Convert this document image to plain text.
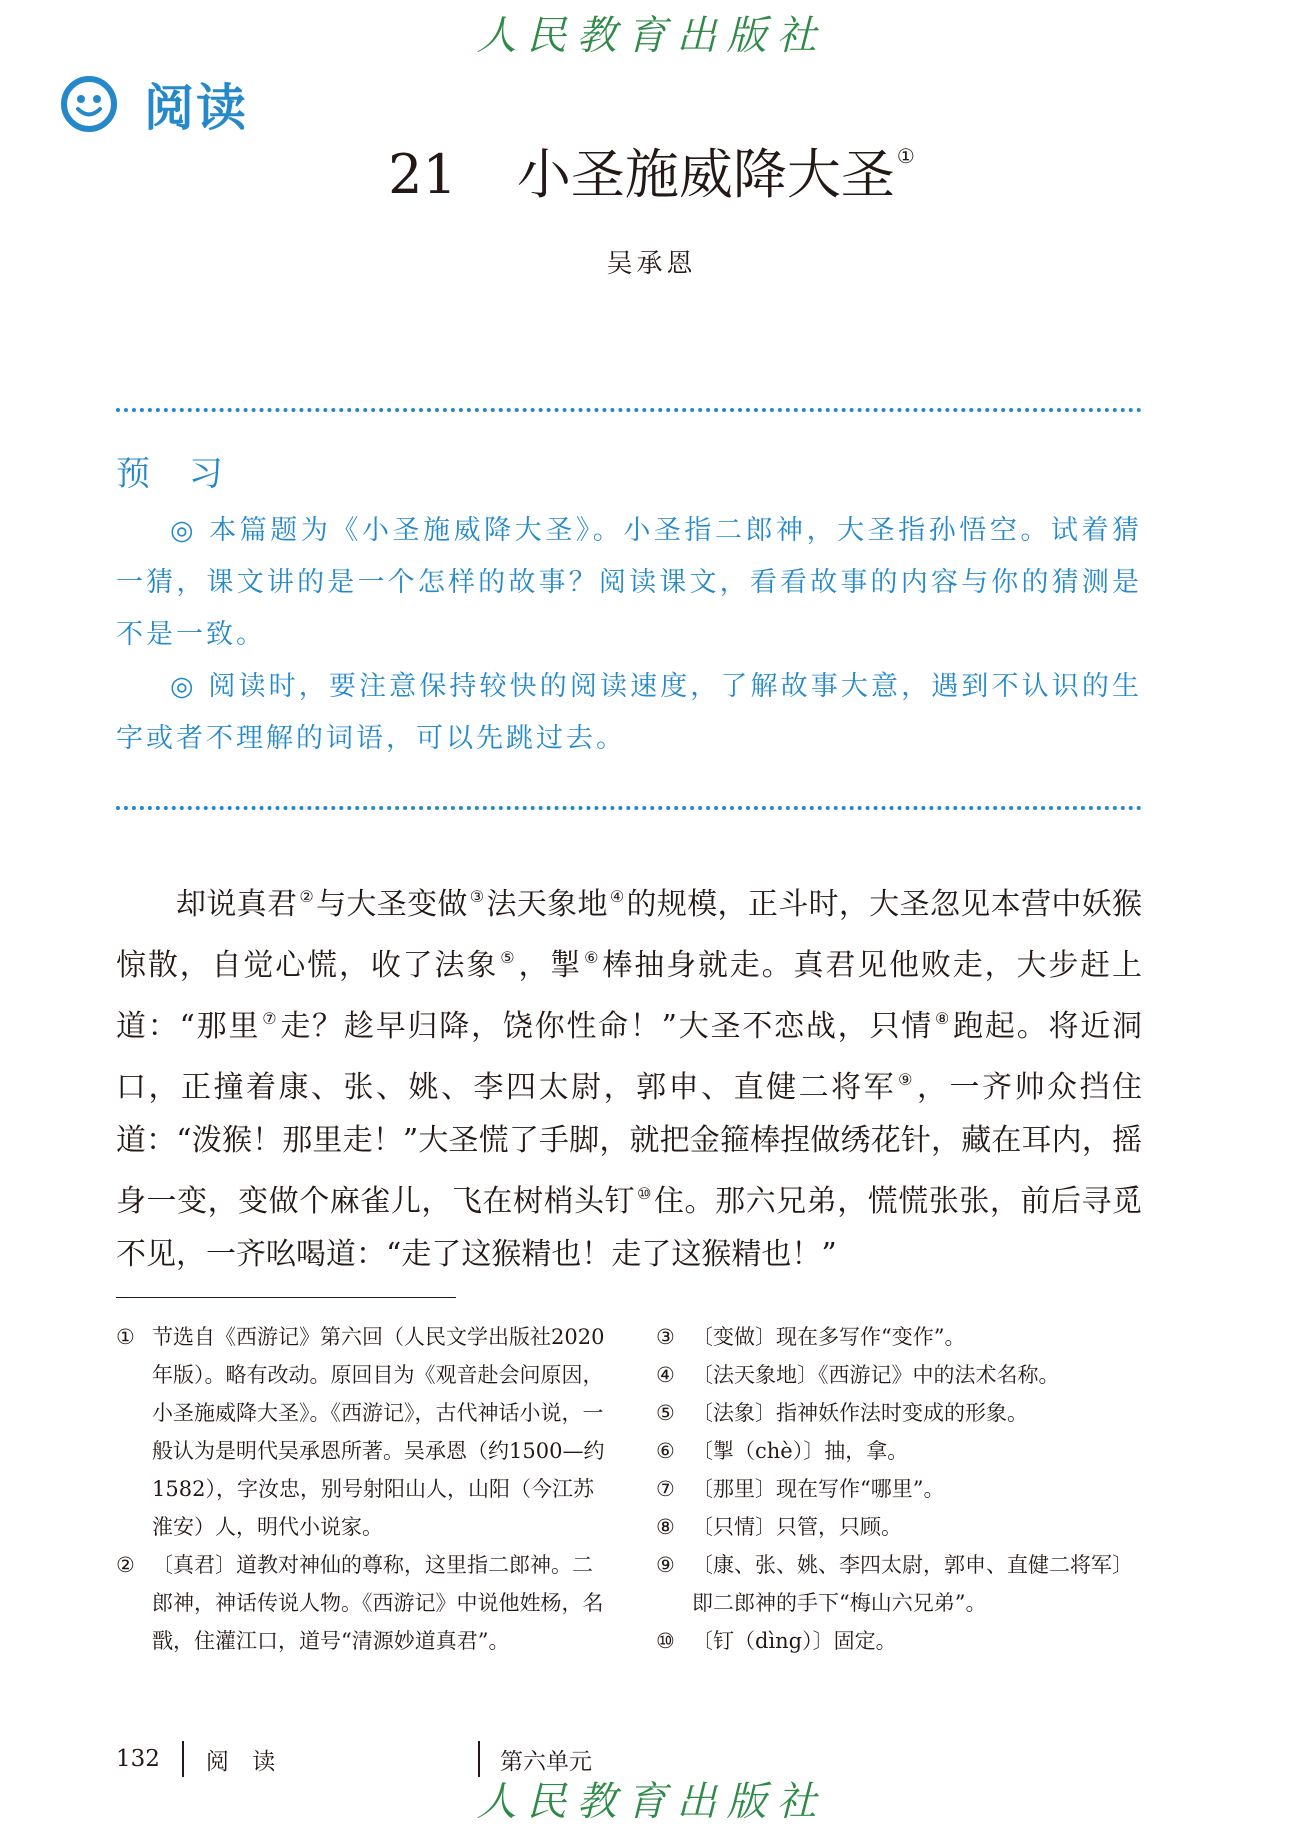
人民教育出版社
阅读
21 小圣施威降大圣 ①
吴承恩
预 习

◎ 本篇题为《小圣施威降大圣》。小圣指二郎神，大圣指孙悟空。试着猜一猜，课文讲的是一个怎样的故事？阅读课文，看看故事的内容与你的猜测是不是一致。

◎ 阅读时，要注意保持较快的阅读速度，了解故事大意，遇到不认识的生字或者不理解的词语，可以先跳过去。

却说真君 ②与大圣变做 ③法天象地 ④的规模，正斗时，大圣忽见本营中妖猴惊散，自觉心慌，收了法象 ⑤，掣 ⑥棒抽身就走。真君见他败走，大步赶上道：“那里 ⑦走？趁早归降，饶你性命！”大圣不恋战，只情 ⑧跑起。将近洞口，正撞着康、张、姚、李四太尉，郭申、直健二将军 ⑨，一齐帅众挡住道：“泼猴！那里走！”大圣慌了手脚，就把金箍棒捏做绣花针，藏在耳内，摇身一变，变做个麻雀儿，飞在树梢头钉 ⑩住。那六兄弟，慌慌张张，前后寻觅不见，一齐吆喝道：“走了这猴精也！走了这猴精也！”

① 节选自《西游记》第六回（人民文学出版社2020年版）。略有改动。原回目为《观音赴会问原因，小圣施威降大圣》。《西游记》，古代神话小说，一般认为是明代吴承恩所著。吴承恩（约1500—约1582），字汝忠，别号射阳山人，山阳（今江苏淮安）人，明代小说家。
② 〔真君〕道教对神仙的尊称，这里指二郎神。二郎神，神话传说人物。《西游记》中说他姓杨，名戬，住灌江口，道号“清源妙道真君”。
③ 〔变做〕现在多写作“变作”。
④ 〔法天象地〕《西游记》中的法术名称。
⑤ 〔法象〕指神妖作法时变成的形象。
⑥ 〔掣（chè）〕抽，拿。
⑦ 〔那里〕现在写作“哪里”。
⑧ 〔只情〕只管，只顾。
⑨ 〔康、张、姚、李四太尉，郭申、直健二将军〕即二郎神的手下“梅山六兄弟”。
⑩ 〔钉（dìng）〕固定。
132 阅 读	第六单元
人民教育出版社
